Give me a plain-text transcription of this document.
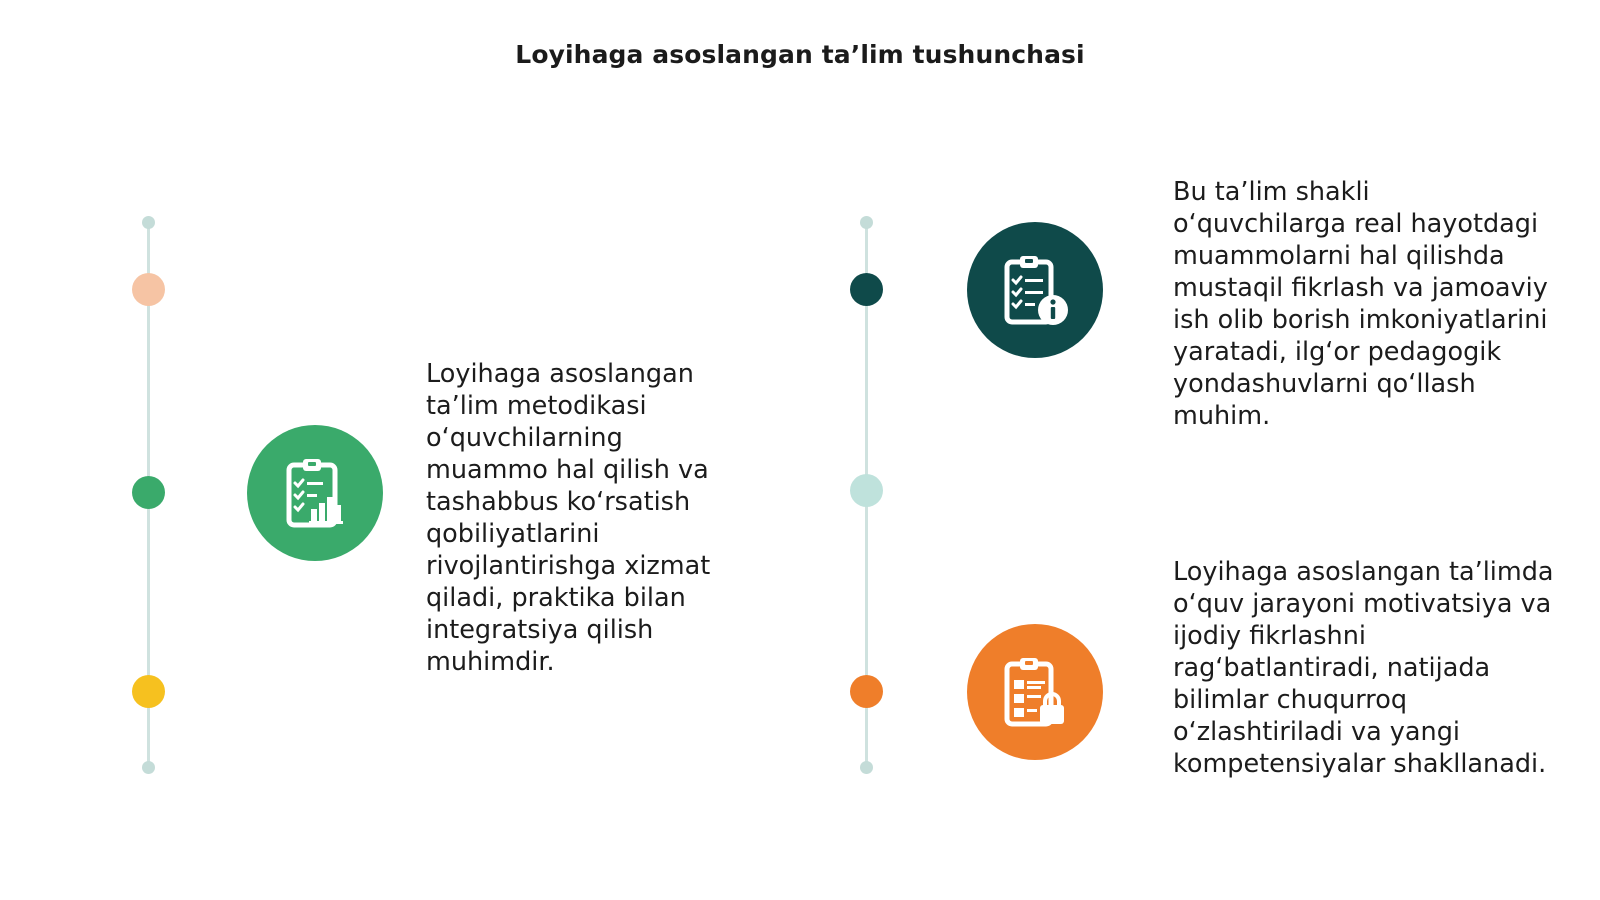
Loyihaga asoslangan ta’lim tushunchasi

Loyihaga asoslangan ta’lim metodikasi o‘quvchilarning muammo hal qilish va tashabbus ko‘rsatish qobiliyatlarini rivojlantirishga xizmat qiladi, praktika bilan integratsiya qilish muhimdir.

Bu ta’lim shakli o‘quvchilarga real hayotdagi muammolarni hal qilishda mustaqil fikrlash va jamoaviy ish olib borish imkoniyatlarini yaratadi, ilg‘or pedagogik yondashuvlarni qo‘llash muhim.

Loyihaga asoslangan ta’limda o‘quv jarayoni motivatsiya va ijodiy fikrlashni rag‘batlantiradi, natijada bilimlar chuqurroq o‘zlashtiriladi va yangi kompetensiyalar shakllanadi.
